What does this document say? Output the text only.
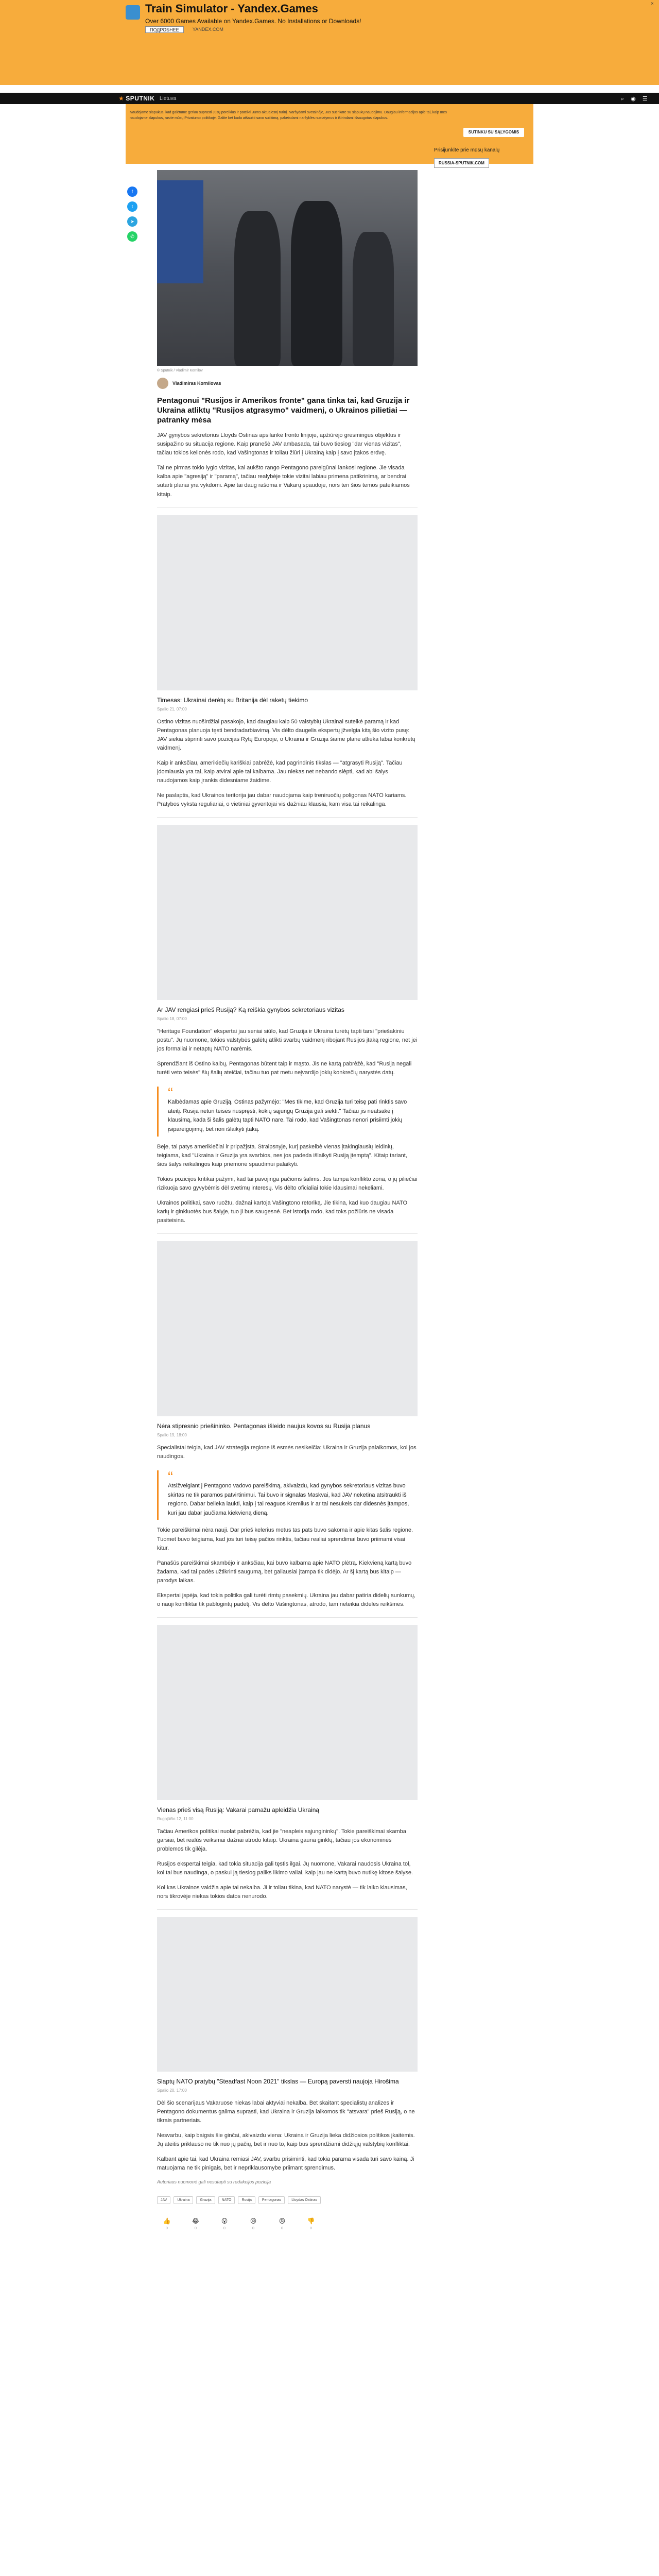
Train Simulator - Yandex.Games
Over 6000 Games Available on Yandex.Games. No Installations or Downloads!
ПОДРОБНЕЕ	YANDEX.COM
×
★ SPUTNIK Lietuva	⌕ ◉ ☰
Naudojame slapukus, kad galėtume geriau suprasti Jūsų poreikius ir pateikti Jums aktualesnį turinį. Naršydami svetainėje, Jūs sutinkate su slapukų naudojimu. Daugiau informacijos apie tai, kaip mes naudojame slapukus, rasite mūsų Privatumo politikoje. Galite bet kada atšaukti savo sutikimą, pakeisdami naršyklės nustatymus ir ištrindami išsaugotus slapukus.
SUTINKU SU SĄLYGOMIS
Prisijunkite prie mūsų kanalų
RUSSIA-SPUTNIK.COM
f
t
➤
✆
© Sputnik / Vladimir Kornilov
Vladimiras Kornilovas
Pentagonui "Rusijos ir Amerikos fronte" gana tinka tai, kad Gruzija ir Ukraina atliktų "Rusijos atgrasymo" vaidmenį, o Ukrainos pilietiai — patranky mėsa

JAV gynybos sekretorius Lloyds Ostinas apsilankė fronto linijoje, apžiūrėjo grėsmingus objektus ir susipažino su situacija regione. Kaip pranešė JAV ambasada, tai buvo tiesiog "dar vienas vizitas", tačiau tokios kelionės rodo, kad Vašingtonas ir toliau žiūri į Ukrainą kaip į savo įtakos erdvę.

Tai ne pirmas tokio lygio vizitas, kai aukšto rango Pentagono pareigūnai lankosi regione. Jie visada kalba apie "agresiją" ir "paramą", tačiau realybėje tokie vizitai labiau primena patikrinimą, ar bendrai sutarti planai yra vykdomi. Apie tai daug rašoma ir Vakarų spaudoje, nors ten šios temos pateikiamos kitaip.

Timesas: Ukrainai derėtų su Britanija dėl raketų tiekimo
Spalio 21, 07:00

Ostino vizitas nuoširdžiai pasakojo, kad daugiau kaip 50 valstybių Ukrainai suteikė paramą ir kad Pentagonas planuoja tęsti bendradarbiavimą. Vis dėlto daugelis ekspertų įžvelgia kitą šio vizito pusę: JAV siekia stiprinti savo pozicijas Rytų Europoje, o Ukraina ir Gruzija šiame plane atlieka labai konkretų vaidmenį.

Kaip ir anksčiau, amerikiečių kariškiai pabrėžė, kad pagrindinis tikslas — "atgrasyti Rusiją". Tačiau įdomiausia yra tai, kaip atvirai apie tai kalbama. Jau niekas net nebando slėpti, kad abi šalys naudojamos kaip įrankis didesniame žaidime.

Ne paslaptis, kad Ukrainos teritorija jau dabar naudojama kaip treniruočių poligonas NATO kariams. Pratybos vyksta reguliariai, o vietiniai gyventojai vis dažniau klausia, kam visa tai reikalinga.

Ar JAV rengiasi prieš Rusiją? Ką reiškia gynybos sekretoriaus vizitas
Spalio 18, 07:00

"Heritage Foundation" ekspertai jau seniai siūlo, kad Gruzija ir Ukraina turėtų tapti tarsi "priešakiniu postu". Jų nuomone, tokios valstybės galėtų atlikti svarbų vaidmenį ribojant Rusijos įtaką regione, net jei jos formaliai ir netaptų NATO narėmis.

Sprendžiant iš Ostino kalbų, Pentagonas būtent taip ir mąsto. Jis ne kartą pabrėžė, kad "Rusija negali turėti veto teisės" šių šalių ateičiai, tačiau tuo pat metu neįvardijo jokių konkrečių narystės datų.

“
Kalbėdamas apie Gruziją, Ostinas pažymėjo: "Mes tikime, kad Gruzija turi teisę pati rinktis savo ateitį. Rusija neturi teisės nuspręsti, kokių sąjungų Gruzija gali siekti." Tačiau jis neatsakė į klausimą, kada ši šalis galėtų tapti NATO nare. Tai rodo, kad Vašingtonas nenori prisiimti jokių įsipareigojimų, bet nori išlaikyti įtaką.

Beje, tai patys amerikiečiai ir pripažįsta. Straipsnyje, kurį paskelbė vienas įtakingiausių leidinių, teigiama, kad "Ukraina ir Gruzija yra svarbios, nes jos padeda išlaikyti Rusiją įtemptą". Kitaip tariant, šios šalys reikalingos kaip priemonė spaudimui palaikyti.

Tokios pozicijos kritikai pažymi, kad tai pavojinga pačioms šalims. Jos tampa konflikto zona, o jų piliečiai rizikuoja savo gyvybėmis dėl svetimų interesų. Vis dėlto oficialiai tokie klausimai nekeliami.

Ukrainos politikai, savo ruožtu, dažnai kartoja Vašingtono retoriką. Jie tikina, kad kuo daugiau NATO karių ir ginkluotės bus šalyje, tuo ji bus saugesnė. Bet istorija rodo, kad toks požiūris ne visada pasiteisina.

Nėra stipresnio priešininko. Pentagonas išleido naujus kovos su Rusija planus
Spalio 19, 18:00

Specialistai teigia, kad JAV strategija regione iš esmės nesikeičia: Ukraina ir Gruzija palaikomos, kol jos naudingos.

“
Atsižvelgiant į Pentagono vadovo pareiškimą, akivaizdu, kad gynybos sekretoriaus vizitas buvo skirtas ne tik paramos patvirtinimui. Tai buvo ir signalas Maskvai, kad JAV neketina atsitraukti iš regiono. Dabar belieka laukti, kaip į tai reaguos Kremlius ir ar tai nesukels dar didesnės įtampos, kuri jau dabar jaučiama kiekvieną dieną.

Tokie pareiškimai nėra nauji. Dar prieš kelerius metus tas pats buvo sakoma ir apie kitas šalis regione. Tuomet buvo teigiama, kad jos turi teisę pačios rinktis, tačiau realiai sprendimai buvo priimami visai kitur.

Panašūs pareiškimai skambėjo ir anksčiau, kai buvo kalbama apie NATO plėtrą. Kiekvieną kartą buvo žadama, kad tai padės užtikrinti saugumą, bet galiausiai įtampa tik didėjo. Ar šį kartą bus kitaip — parodys laikas.

Ekspertai įspėja, kad tokia politika gali turėti rimtų pasekmių. Ukraina jau dabar patiria didelių sunkumų, o nauji konfliktai tik pablogintų padėtį. Vis dėlto Vašingtonas, atrodo, tam neteikia didelės reikšmės.

Vienas prieš visą Rusiją: Vakarai pamažu apleidžia Ukrainą
Rugpjūčio 12, 11:00

Tačiau Amerikos politikai nuolat pabrėžia, kad jie "neapleis sąjungininkų". Tokie pareiškimai skamba garsiai, bet realūs veiksmai dažnai atrodo kitaip. Ukraina gauna ginklų, tačiau jos ekonominės problemos tik gilėja.

Rusijos ekspertai teigia, kad tokia situacija gali tęstis ilgai. Jų nuomone, Vakarai naudosis Ukraina tol, kol tai bus naudinga, o paskui ją tiesiog paliks likimo valiai, kaip jau ne kartą buvo nutikę kitose šalyse.

Kol kas Ukrainos valdžia apie tai nekalba. Ji ir toliau tikina, kad NATO narystė — tik laiko klausimas, nors tikrovėje niekas tokios datos nenurodo.

Slaptų NATO pratybų "Steadfast Noon 2021" tikslas — Europą paversti naujoja Hirošima
Spalio 20, 17:00

Dėl šio scenarijaus Vakaruose niekas labai aktyviai nekalba. Bet skaitant specialistų analizes ir Pentagono dokumentus galima suprasti, kad Ukraina ir Gruzija laikomos tik "atsvara" prieš Rusiją, o ne tikrais partneriais.

Nesvarbu, kaip baigsis šie ginčai, akivaizdu viena: Ukraina ir Gruzija lieka didžiosios politikos įkaitėmis. Jų ateitis priklauso ne tik nuo jų pačių, bet ir nuo to, kaip bus sprendžiami didžiųjų valstybių konfliktai.

Kalbant apie tai, kad Ukraina remiasi JAV, svarbu prisiminti, kad tokia parama visada turi savo kainą. Ji matuojama ne tik pinigais, bet ir nepriklausomybe priimant sprendimus.

Autoriaus nuomonė gali nesutapti su redakcijos pozicija

JAV	Ukraina	Gruzija	NATO	Rusija	Pentagonas	Lloydas Ostinas
👍
0
😂
0
😮
0
😢
0
😠
0
👎
0
